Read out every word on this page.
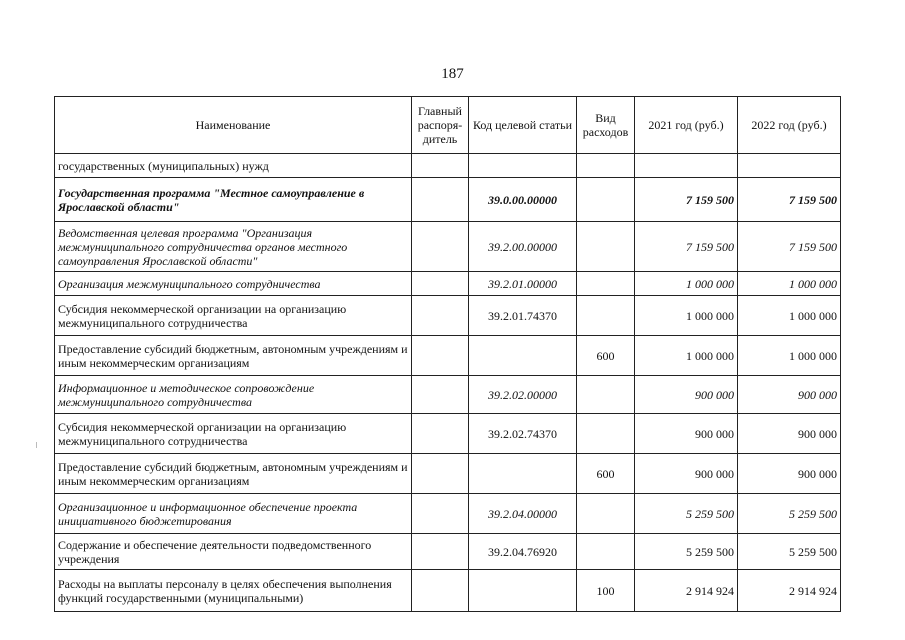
187
Наименование	Главный распоря-дитель	Код целевой статьи	Вид расходов	2021 год (руб.)	2022 год (руб.)
государственных (муниципальных) нужд					
Государственная программа "Местное самоуправление в Ярославской области"		39.0.00.00000		7 159 500	7 159 500
Ведомственная целевая программа "Организация межмуниципального сотрудничества органов местного самоуправления Ярославской области"		39.2.00.00000		7 159 500	7 159 500
Организация межмуниципального сотрудничества		39.2.01.00000		1 000 000	1 000 000
Субсидия некоммерческой организации на организацию межмуниципального сотрудничества		39.2.01.74370		1 000 000	1 000 000
Предоставление субсидий бюджетным, автономным учреждениям и иным некоммерческим организациям			600	1 000 000	1 000 000
Информационное и методическое сопровождение межмуниципального сотрудничества		39.2.02.00000		900 000	900 000
Субсидия некоммерческой организации на организацию межмуниципального сотрудничества		39.2.02.74370		900 000	900 000
Предоставление субсидий бюджетным, автономным учреждениям и иным некоммерческим организациям			600	900 000	900 000
Организационное и информационное обеспечение проекта инициативного бюджетирования		39.2.04.00000		5 259 500	5 259 500
Содержание и обеспечение деятельности подведомственного учреждения		39.2.04.76920		5 259 500	5 259 500
Расходы на выплаты персоналу в целях обеспечения выполнения функций государственными (муниципальными)			100	2 914 924	2 914 924
